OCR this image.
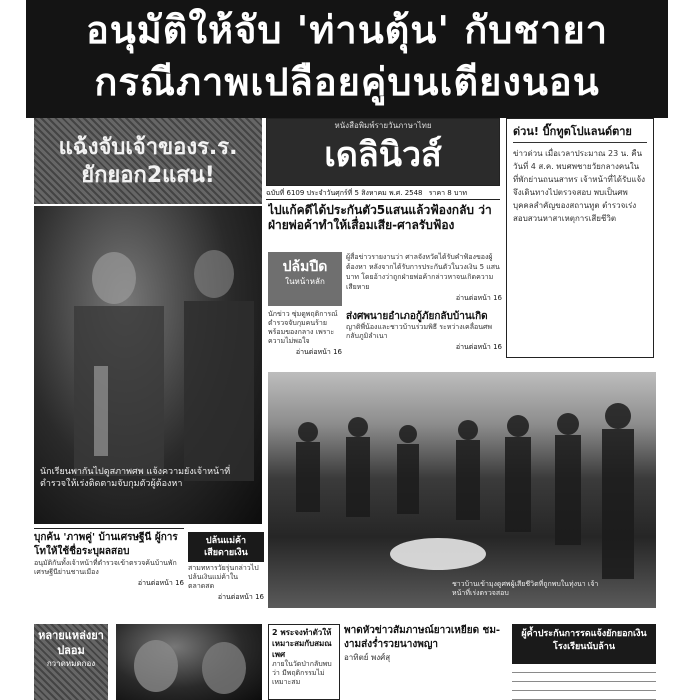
อนุมัติให้จับ 'ท่านตุ้น' กับชายา
กรณีภาพเปลือยคู่บนเตียงนอน
แฉ้งจับเจ้าของร.ร. ยักยอก2แสน!
นักเรียนพากันไปดูสภาพศพ แจ้งความยังเจ้าหน้าที่ตำรวจให้เร่งติดตามจับกุมตัวผู้ต้องหา
หนังสือพิมพ์รายวันภาษาไทย
เดลินิวส์
ฉบับที่ 6109 ประจำวันศุกร์ที่ 5 สิงหาคม พ.ศ. 2548 ราคา 8 บาท
ด่วน! บิ๊กทูตโปแลนด์ตาย
ข่าวด่วน เมื่อเวลาประมาณ 23 น. คืนวันที่ 4 ส.ค. พบศพชายวัยกลางคนในที่พักย่านถนนสาทร เจ้าหน้าที่ได้รับแจ้งจึงเดินทางไปตรวจสอบ พบเป็นศพบุคคลสำคัญของสถานทูต ตำรวจเร่งสอบสวนหาสาเหตุการเสียชีวิต
ไปแก้คดีได้ประกันตัว5แสนแล้วฟ้องกลับ ว่าฝ่ายพ่อค้าทำให้เสื่อมเสีย-ศาลรับฟ้อง
ปล้มปืด
ในหน้าหลัก
ผู้สื่อข่าวรายงานว่า ศาลจังหวัดได้รับคำฟ้องของผู้ต้องหา หลังจากได้รับการประกันตัวในวงเงิน 5 แสนบาท โดยอ้างว่าถูกฝ่ายพ่อค้ากล่าวหาจนเกิดความเสียหาย
อ่านต่อหน้า 16
นักข่าว ซุ่มดูพฤติการณ์ ตำรวจจับกุมคนร้ายพร้อมของกลาง เพราะความไม่พอใจ
อ่านต่อหน้า 16
ส่งศพนายอำเภอกู้ภัยกลับบ้านเกิด
ญาติพี่น้องและชาวบ้านร่วมพิธี ระหว่างเคลื่อนศพกลับภูมิลำเนา
อ่านต่อหน้า 16
ชาวบ้านเข้ามุงดูศพผู้เสียชีวิตที่ถูกพบในทุ่งนา เจ้าหน้าที่เร่งตรวจสอบ
บุกค้น 'ภาพคู่' บ้านเศรษฐีนี ผู้การโทให้ใช้ชื่อระบุผลสอบ
อนุมัติกันทั้งเจ้าหน้าที่ตำรวจเข้าตรวจค้นบ้านพักเศรษฐีนีย่านชานเมือง
อ่านต่อหน้า 16
ปล้นแม่ค้าเสียดายเงิน
สามทหารวัยรุ่นกล่าวไปปล้นเงินแม่ค้าในตลาดสด
อ่านต่อหน้า 16
หลายแหล่งยาปลอม
กวาดหมดกอง
2 พระจงทำตัวให้ เหมาะสมกับสมณเพศ
ภายในวัดป่ากลับพบว่า มีพฤติกรรมไม่เหมาะสม
พาดหัวข่าวสัมภาษณ์ยาวเหยียด ชม-งามส่งร่ำรวยนางพญา
อาทิตย์ พงศ์สุ
ผู้ค้ำประกันการรดแจ้งยักยอกเงินโรงเรียนนับล้าน
